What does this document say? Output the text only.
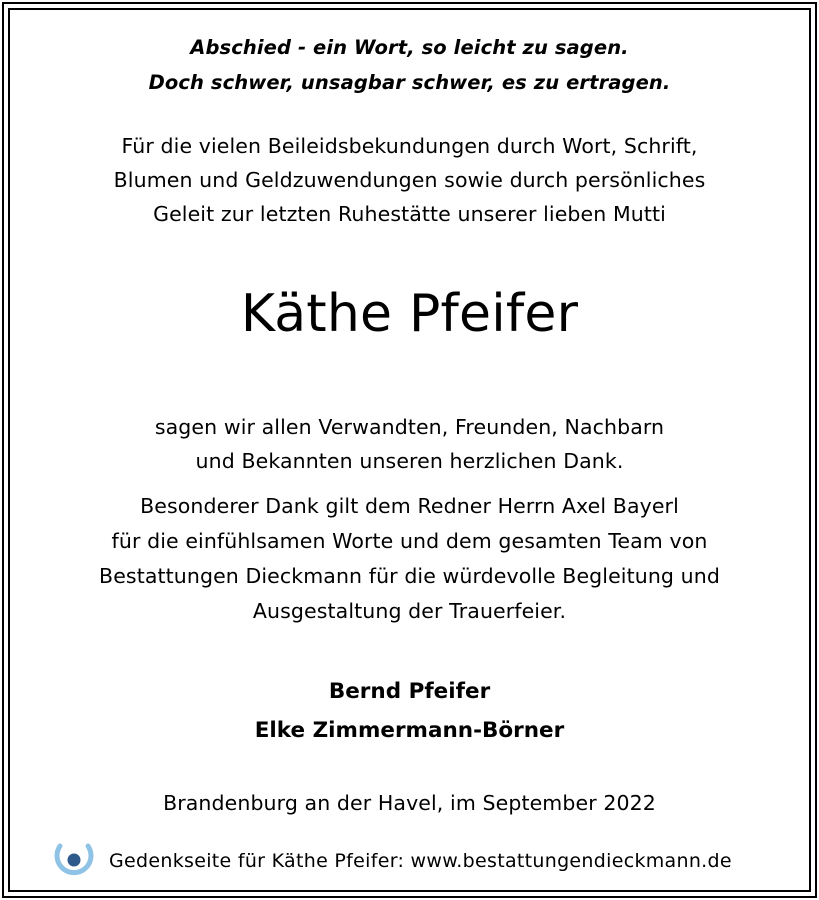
Abschied - ein Wort, so leicht zu sagen.
Doch schwer, unsagbar schwer, es zu ertragen.
Für die vielen Beileidsbekundungen durch Wort, Schrift,
Blumen und Geldzuwendungen sowie durch persönliches
Geleit zur letzten Ruhestätte unserer lieben Mutti
Käthe Pfeifer
sagen wir allen Verwandten, Freunden, Nachbarn
und Bekannten unseren herzlichen Dank.
Besonderer Dank gilt dem Redner Herrn Axel Bayerl
für die einfühlsamen Worte und dem gesamten Team von
Bestattungen Dieckmann für die würdevolle Begleitung und
Ausgestaltung der Trauerfeier.
Bernd Pfeifer
Elke Zimmermann-Börner
Brandenburg an der Havel, im September 2022
Gedenkseite für Käthe Pfeifer: www.bestattungendieckmann.de
